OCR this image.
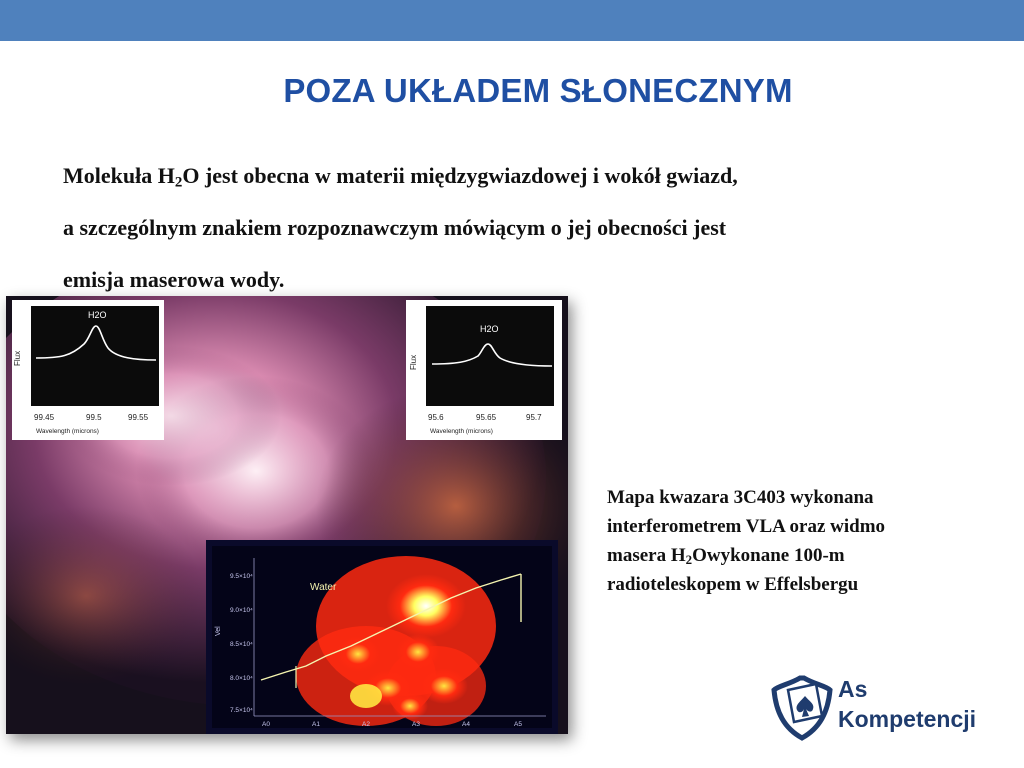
POZA UKŁADEM SŁONECZNYM
Molekuła $H_2O$ jest obecna w materii międzygwiazdowej i wokół gwiazd,
a szczególnym znakiem rozpoznawczym mówiącym o jej obecności jest
emisja maserowa wody.
H2O
Flux
99.45	99.5	99.55
Wavelength (microns)
H2O
Flux
95.6	95.65	95.7
Wavelength (microns)
Water
9.5×10⁴
9.0×10⁴
8.5×10⁴
8.0×10⁴
7.5×10⁴
Vel
A0	A1	A2	A3	A4	A5
Mapa kwazara 3C403 wykonana
interferometrem VLA oraz widmo
masera $H_2Owykonane$ 100-m
radioteleskopem w Effelsbergu
As
Kompetencji
